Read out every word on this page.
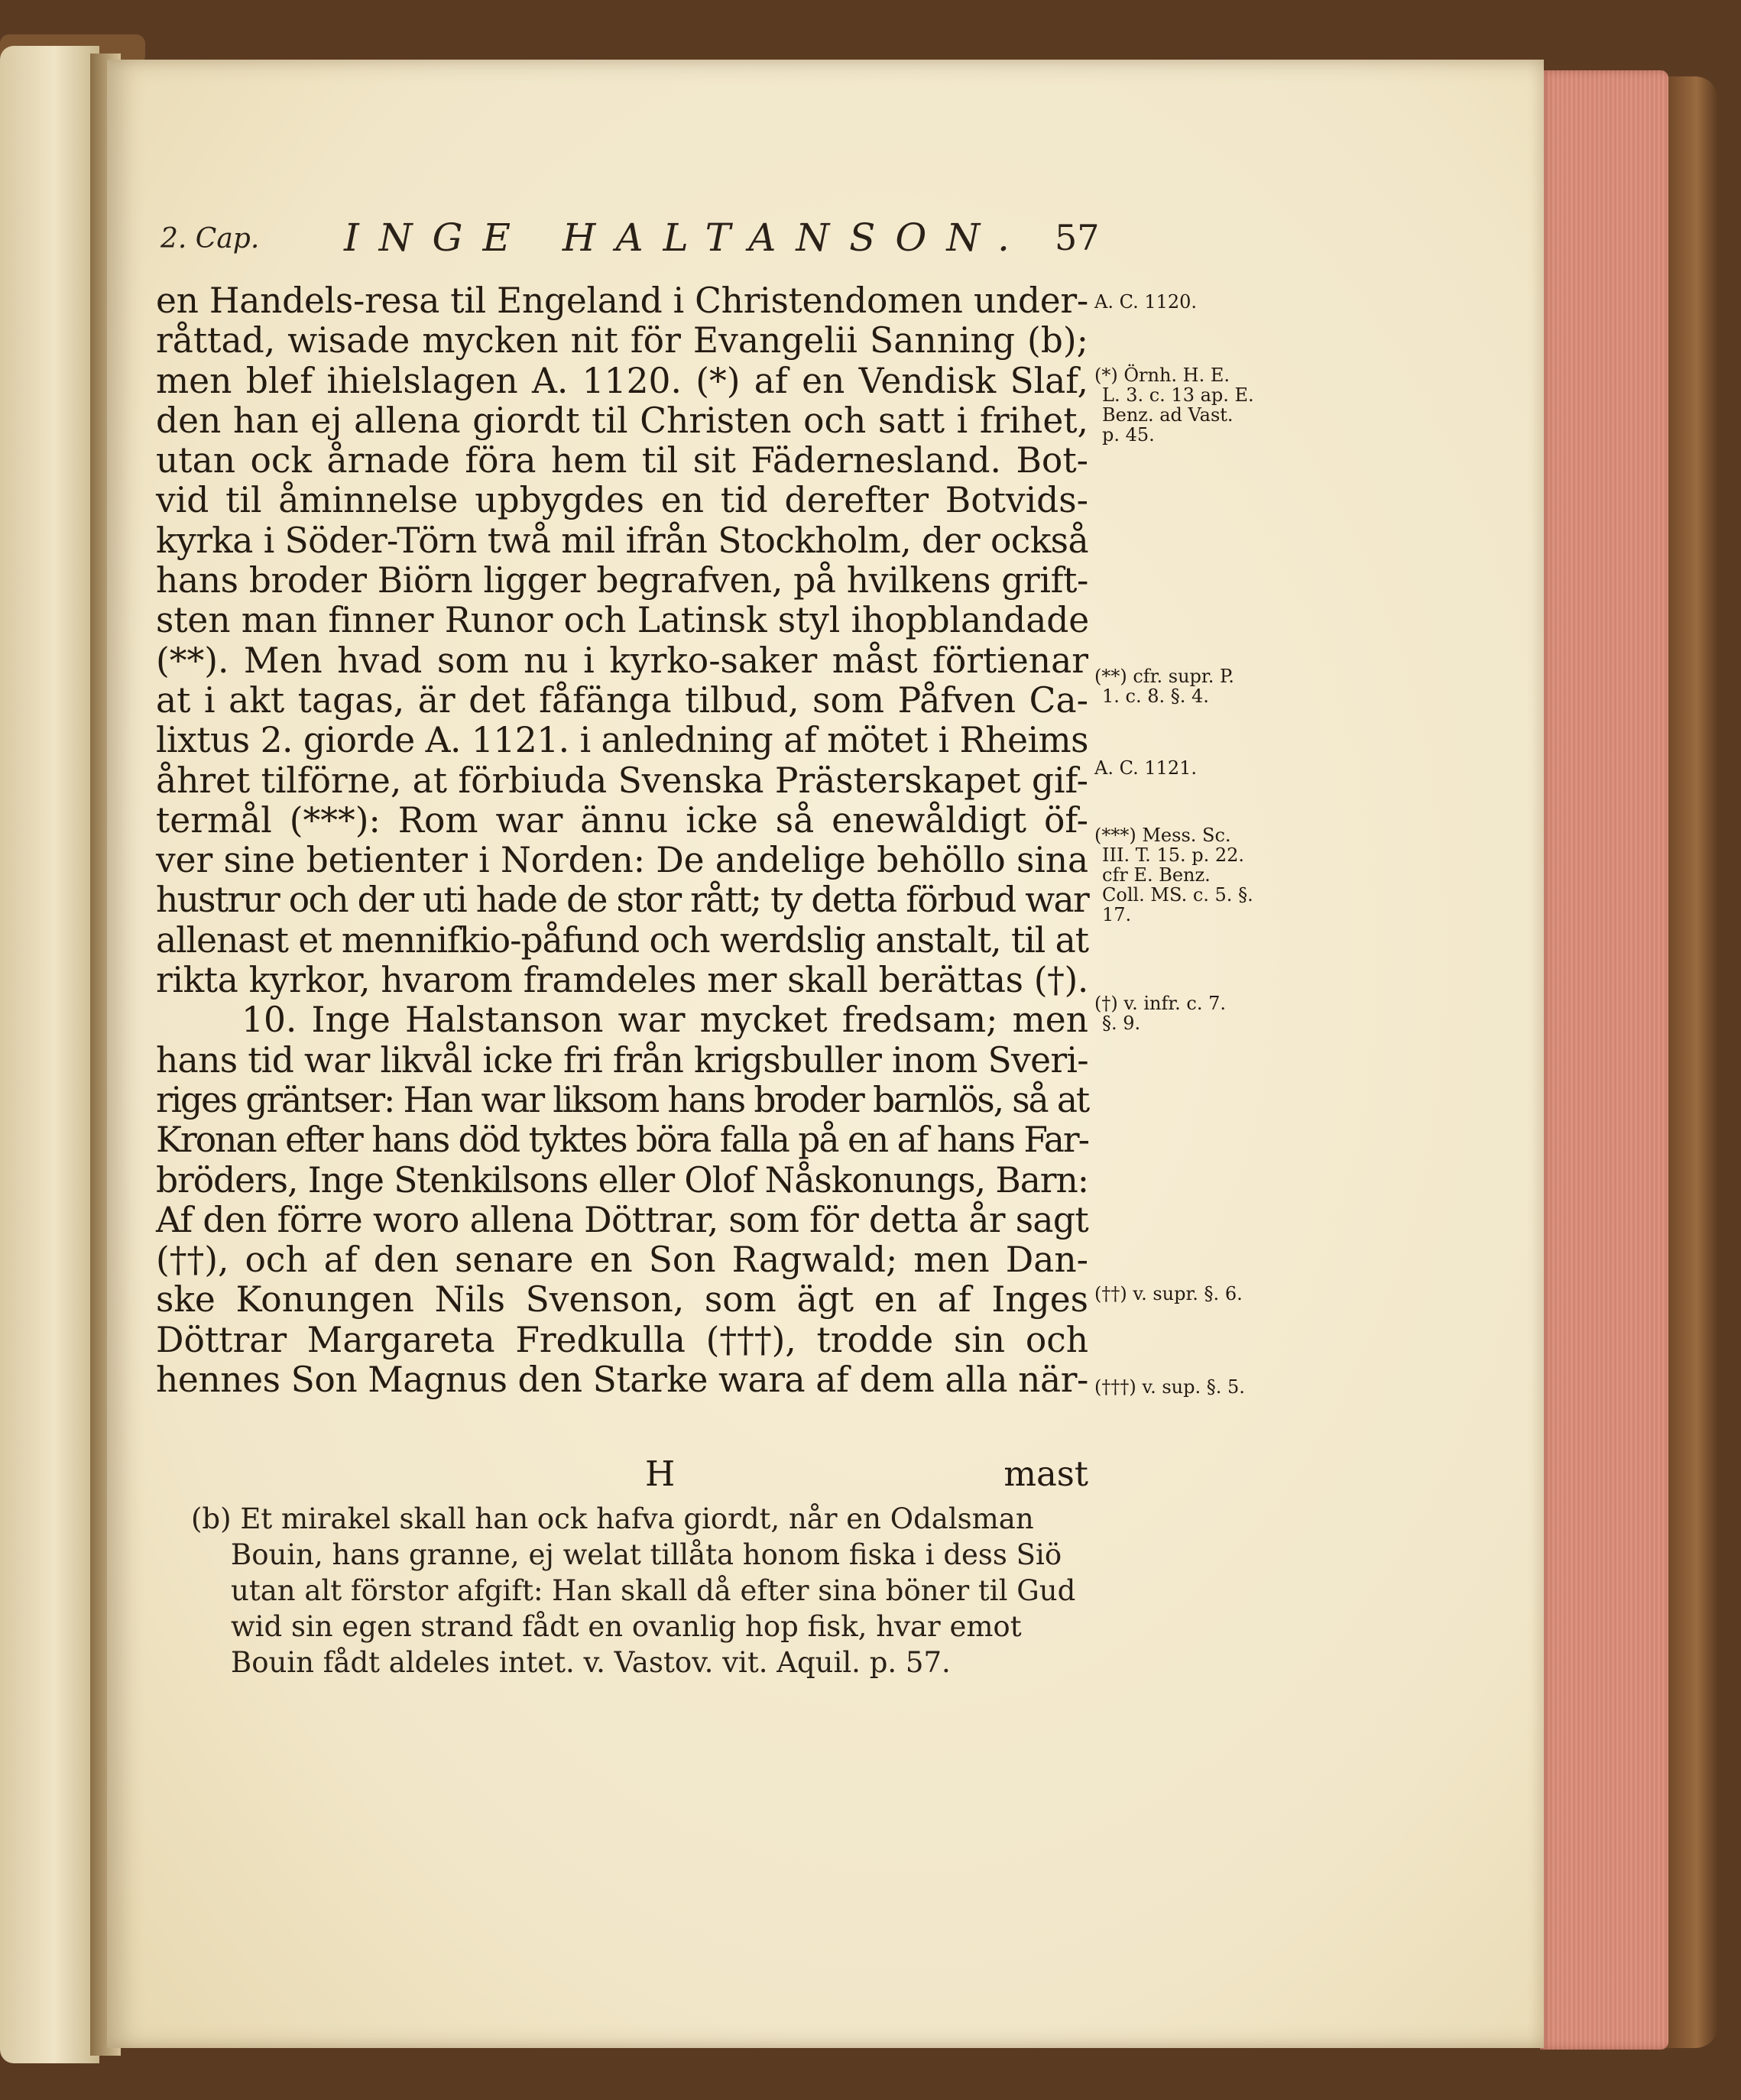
2. Cap. INGE HALTANSON. 57
en Handels-resa til Engeland i Christendomen under-
råttad, wisade mycken nit för Evangelii Sanning (b);
men blef ihielslagen A. 1120. (*) af en Vendisk Slaf,
den han ej allena giordt til Christen och satt i frihet,
utan ock årnade föra hem til sit Fädernesland. Bot-
vid til åminnelse upbygdes en tid derefter Botvids-
kyrka i Söder-Törn twå mil ifrån Stockholm, der också
hans broder Biörn ligger begrafven, på hvilkens grift-
sten man finner Runor och Latinsk styl ihopblandade
(**). Men hvad som nu i kyrko-saker måst förtienar
at i akt tagas, är det fåfänga tilbud, som Påfven Ca-
lixtus 2. giorde A. 1121. i anledning af mötet i Rheims
åhret tilförne, at förbiuda Svenska Prästerskapet gif-
termål (***): Rom war ännu icke så enewåldigt öf-
ver sine betienter i Norden: De andelige behöllo sina
hustrur och der uti hade de stor rått; ty detta förbud war
allenast et mennifkio-påfund och werdslig anstalt, til at
rikta kyrkor, hvarom framdeles mer skall berättas (†).
10. Inge Halstanson war mycket fredsam; men
hans tid war likvål icke fri från krigsbuller inom Sveri-
riges gräntser: Han war liksom hans broder barnlös, så at
Kronan efter hans död tyktes böra falla på en af hans Far-
bröders, Inge Stenkilsons eller Olof Nåskonungs, Barn:
Af den förre woro allena Döttrar, som för detta år sagt
(††), och af den senare en Son Ragwald; men Dan-
ske Konungen Nils Svenson, som ägt en af Inges
Döttrar Margareta Fredkulla (†††), trodde sin och
hennes Son Magnus den Starke wara af dem alla när-
H	mast
(b) Et mirakel skall han ock hafva giordt, når en Odalsman
Bouin, hans granne, ej welat tillåta honom fiska i dess Siö
utan alt förstor afgift: Han skall då efter sina böner til Gud
wid sin egen strand fådt en ovanlig hop fisk, hvar emot
Bouin fådt aldeles intet. v. Vastov. vit. Aquil. p. 57.
A. C. 1120.
(*) Örnh. H. E.
L. 3. c. 13 ap. E.
Benz. ad Vast.
p. 45.
(**) cfr. supr. P.
1. c. 8. §. 4.
A. C. 1121.
(***) Mess. Sc.
III. T. 15. p. 22.
cfr E. Benz.
Coll. MS. c. 5. §.
17.
(†) v. infr. c. 7.
§. 9.
(††) v. supr. §. 6.
(†††) v. sup. §. 5.
